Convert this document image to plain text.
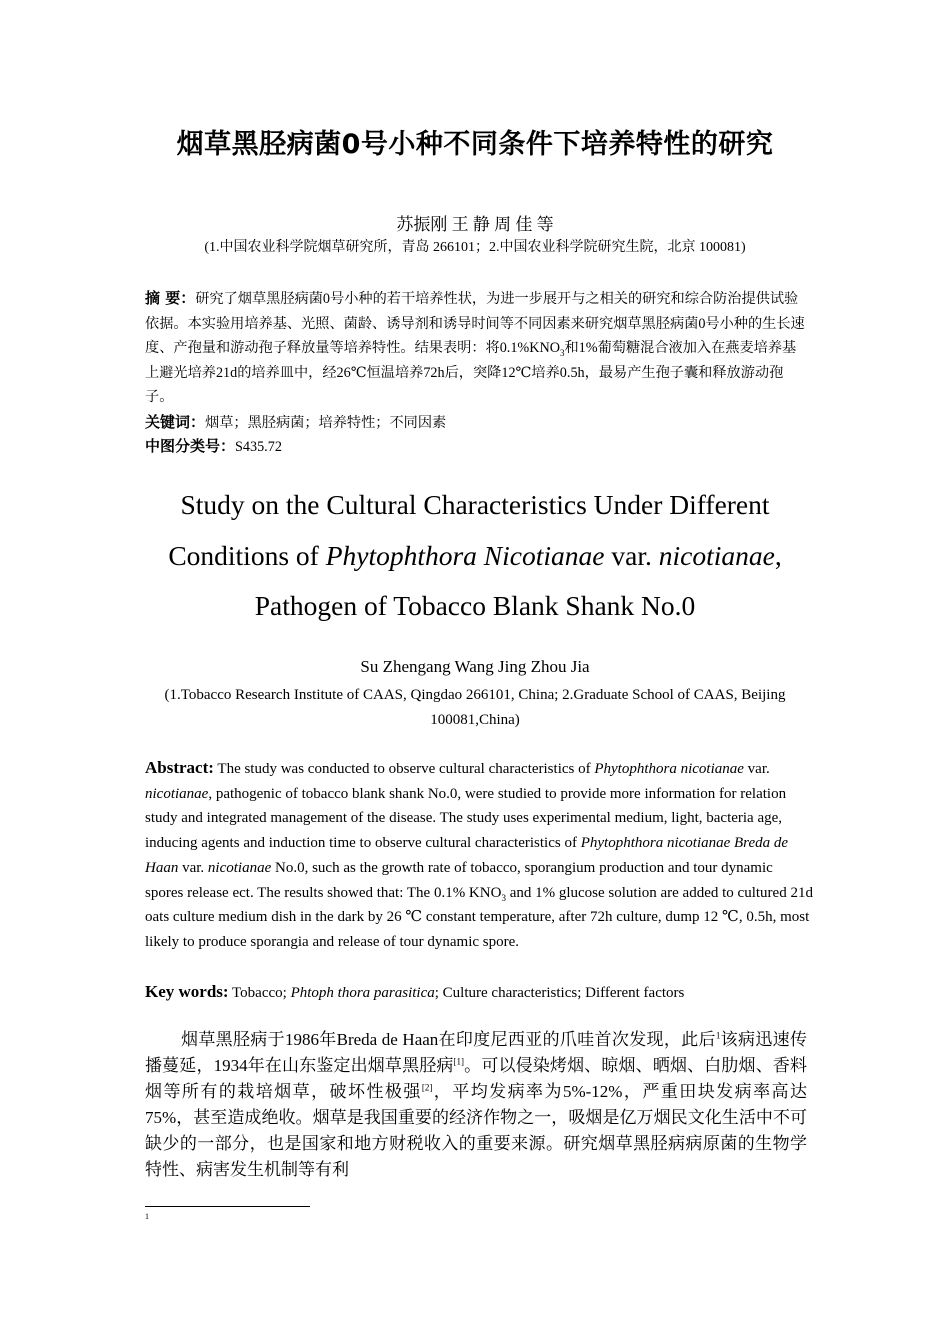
烟草黑胫病菌0号小种不同条件下培养特性的研究
苏振刚 王 静 周 佳 等
(1.中国农业科学院烟草研究所，青岛 266101；2.中国农业科学院研究生院，北京 100081)
摘 要：研究了烟草黑胫病菌0号小种的若干培养性状，为进一步展开与之相关的研究和综合防治提供试验依据。本实验用培养基、光照、菌龄、诱导剂和诱导时间等不同因素来研究烟草黑胫病菌0号小种的生长速度、产孢量和游动孢子释放量等培养特性。结果表明：将$0.1\%KNO_3$和1%葡萄糖混合液加入在燕麦培养基上避光培养21d的培养皿中，经26℃恒温培养72h后，突降12℃培养0.5h，最易产生孢子囊和释放游动孢子。
关键词：烟草；黑胫病菌；培养特性；不同因素
中图分类号：S435.72
Study on the Cultural Characteristics Under Different
Conditions of Phytophthora Nicotianae var. nicotianae,
Pathogen of Tobacco Blank Shank No.0
Su Zhengang Wang Jing Zhou Jia
(1.Tobacco Research Institute of CAAS, Qingdao 266101, China; 2.Graduate School of CAAS, Beijing 100081,China)
Abstract: The study was conducted to observe cultural characteristics of Phytophthora nicotianae var. nicotianae, pathogenic of tobacco blank shank No.0, were studied to provide more information for relation study and integrated management of the disease. The study uses experimental medium, light, bacteria age, inducing agents and induction time to observe cultural characteristics of Phytophthora nicotianae Breda de Haan var. nicotianae No.0, such as the growth rate of tobacco, sporangium production and tour dynamic spores release ect. The results showed that: The 0.1% $KNO_3$ and 1% glucose solution are added to cultured 21d oats culture medium dish in the dark by 26 ℃ constant temperature, after 72h culture, dump 12 ℃, 0.5h, most likely to produce sporangia and release of tour dynamic spore.
Key words: Tobacco; Phtoph thora parasitica; Culture characteristics; Different factors
烟草黑胫病于1986年Breda de Haan在印度尼西亚的爪哇首次发现，此后$^1$该病迅速传播蔓延，1934年在山东鉴定出烟草黑胫病[1]。可以侵染烤烟、晾烟、晒烟、白肋烟、香料烟等所有的栽培烟草，破坏性极强[2]，平均发病率为5%-12%，严重田块发病率高达75%，甚至造成绝收。烟草是我国重要的经济作物之一，吸烟是亿万烟民文化生活中不可缺少的一部分，也是国家和地方财税收入的重要来源。研究烟草黑胫病病原菌的生物学特性、病害发生机制等有利
1
